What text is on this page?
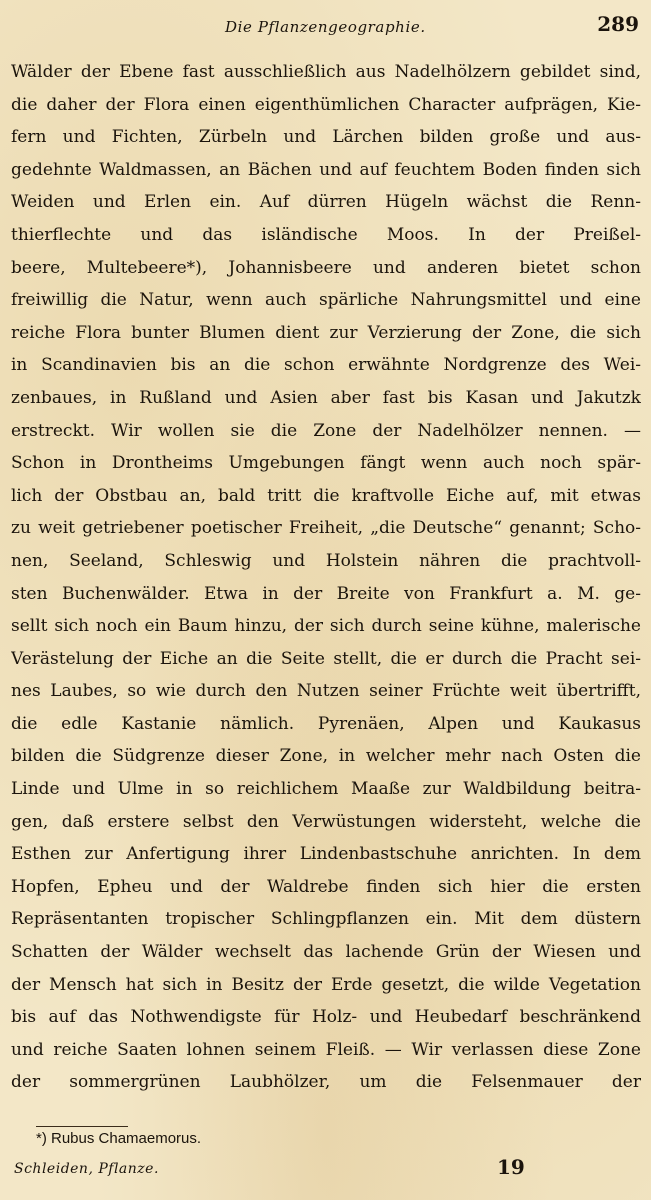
Die Pflanzengeographie.	289
Wälder der Ebene fast ausschließlich aus Nadelhölzern gebildet sind,
die daher der Flora einen eigenthümlichen Character aufprägen, Kie-
fern und Fichten, Zürbeln und Lärchen bilden große und aus-
gedehnte Waldmassen, an Bächen und auf feuchtem Boden finden sich
Weiden und Erlen ein. Auf dürren Hügeln wächst die Renn-
thierflechte und das isländische Moos. In der Preißel-
beere, Multebeere*), Johannisbeere und anderen bietet schon
freiwillig die Natur, wenn auch spärliche Nahrungsmittel und eine
reiche Flora bunter Blumen dient zur Verzierung der Zone, die sich
in Scandinavien bis an die schon erwähnte Nordgrenze des Wei-
zenbaues, in Rußland und Asien aber fast bis Kasan und Jakutzk
erstreckt. Wir wollen sie die Zone der Nadelhölzer nennen. —
Schon in Drontheims Umgebungen fängt wenn auch noch spär-
lich der Obstbau an, bald tritt die kraftvolle Eiche auf, mit etwas
zu weit getriebener poetischer Freiheit, „die Deutsche“ genannt; Scho-
nen, Seeland, Schleswig und Holstein nähren die prachtvoll-
sten Buchenwälder. Etwa in der Breite von Frankfurt a. M. ge-
sellt sich noch ein Baum hinzu, der sich durch seine kühne, malerische
Verästelung der Eiche an die Seite stellt, die er durch die Pracht sei-
nes Laubes, so wie durch den Nutzen seiner Früchte weit übertrifft,
die edle Kastanie nämlich. Pyrenäen, Alpen und Kaukasus
bilden die Südgrenze dieser Zone, in welcher mehr nach Osten die
Linde und Ulme in so reichlichem Maaße zur Waldbildung beitra-
gen, daß erstere selbst den Verwüstungen widersteht, welche die
Esthen zur Anfertigung ihrer Lindenbastschuhe anrichten. In dem
Hopfen, Epheu und der Waldrebe finden sich hier die ersten
Repräsentanten tropischer Schlingpflanzen ein. Mit dem düstern
Schatten der Wälder wechselt das lachende Grün der Wiesen und
der Mensch hat sich in Besitz der Erde gesetzt, die wilde Vegetation
bis auf das Nothwendigste für Holz- und Heubedarf beschränkend
und reiche Saaten lohnen seinem Fleiß. — Wir verlassen diese Zone
der sommergrünen Laubhölzer, um die Felsenmauer der
*) Rubus Chamaemorus.
Schleiden, Pflanze.	19
